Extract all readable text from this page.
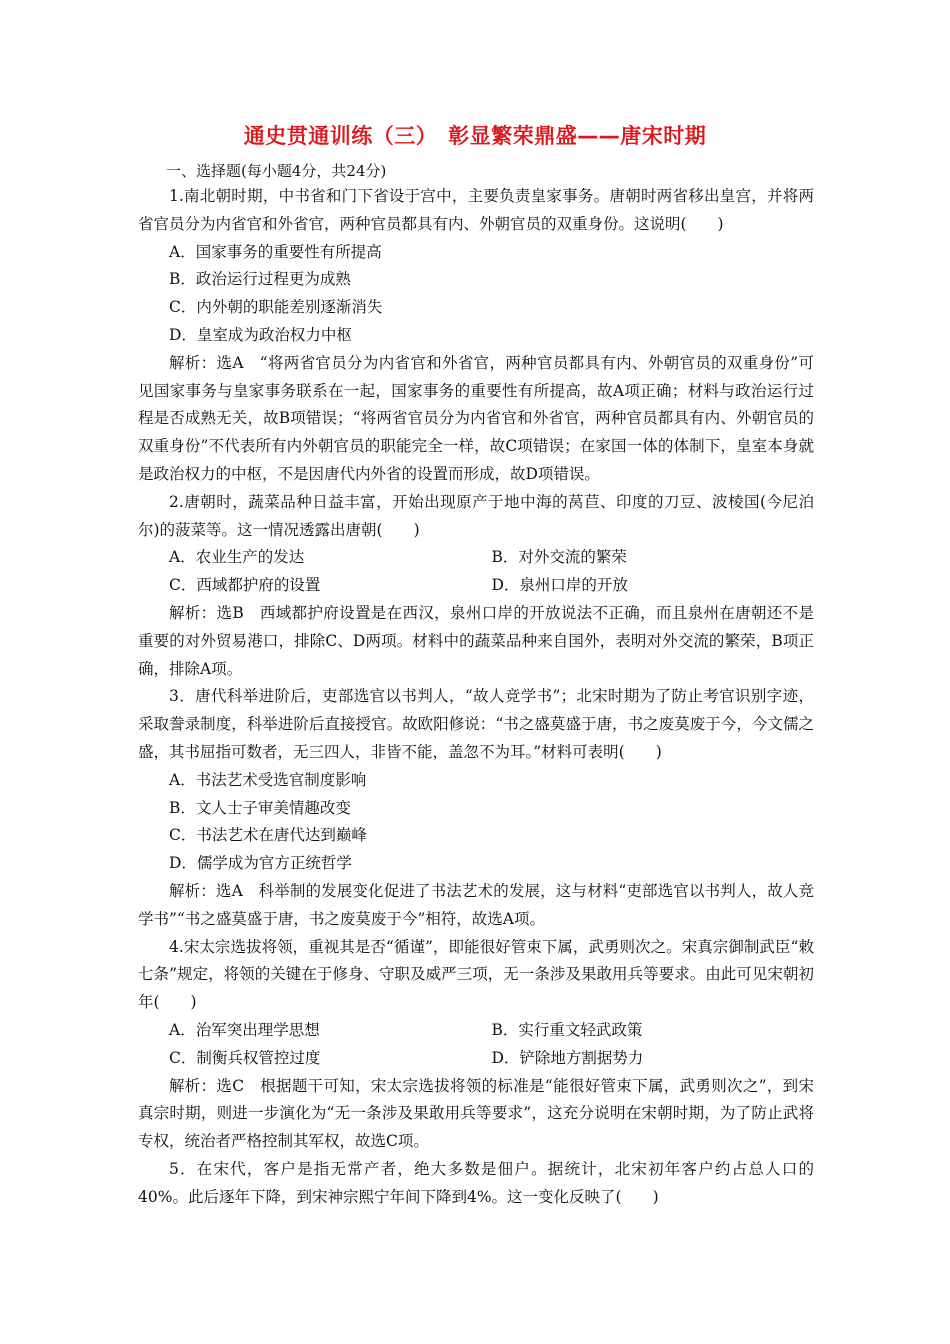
通史贯通训练（三）　彰显繁荣鼎盛——唐宋时期
一、选择题(每小题4分，共24分)

1.南北朝时期，中书省和门下省设于宫中，主要负责皇家事务。唐朝时两省移出皇宫，并将两省官员分为内省官和外省官，两种官员都具有内、外朝官员的双重身份。这说明(　　)

A．国家事务的重要性有所提高

B．政治运行过程更为成熟

C．内外朝的职能差别逐渐消失

D．皇室成为政治权力中枢

解析：选A　“将两省官员分为内省官和外省官，两种官员都具有内、外朝官员的双重身份”可见国家事务与皇家事务联系在一起，国家事务的重要性有所提高，故A项正确；材料与政治运行过程是否成熟无关，故B项错误；“将两省官员分为内省官和外省官，两种官员都具有内、外朝官员的双重身份”不代表所有内外朝官员的职能完全一样，故C项错误；在家国一体的体制下，皇室本身就是政治权力的中枢，不是因唐代内外省的设置而形成，故D项错误。

2.唐朝时，蔬菜品种日益丰富，开始出现原产于地中海的莴苣、印度的刀豆、波棱国(今尼泊尔)的菠菜等。这一情况透露出唐朝(　　)

A．农业生产的发达	B．对外交流的繁荣
C．西域都护府的设置	D．泉州口岸的开放

解析：选B　西域都护府设置是在西汉，泉州口岸的开放说法不正确，而且泉州在唐朝还不是重要的对外贸易港口，排除C、D两项。材料中的蔬菜品种来自国外，表明对外交流的繁荣，B项正确，排除A项。

3．唐代科举进阶后，吏部选官以书判人，“故人竞学书”；北宋时期为了防止考官识别字迹，采取誊录制度，科举进阶后直接授官。故欧阳修说：“书之盛莫盛于唐，书之废莫废于今，今文儒之盛，其书屈指可数者，无三四人，非皆不能，盖忽不为耳。”材料可表明(　　)

A．书法艺术受选官制度影响

B．文人士子审美情趣改变

C．书法艺术在唐代达到巅峰

D．儒学成为官方正统哲学

解析：选A　科举制的发展变化促进了书法艺术的发展，这与材料“吏部选官以书判人，故人竞学书”“书之盛莫盛于唐，书之废莫废于今”相符，故选A项。

4.宋太宗选拔将领，重视其是否“循谨”，即能很好管束下属，武勇则次之。宋真宗御制武臣“敕七条”规定，将领的关键在于修身、守职及威严三项，无一条涉及果敢用兵等要求。由此可见宋朝初年(　　)

A．治军突出理学思想	B．实行重文轻武政策
C．制衡兵权管控过度	D．铲除地方割据势力

解析：选C　根据题干可知，宋太宗选拔将领的标准是“能很好管束下属，武勇则次之”，到宋真宗时期，则进一步演化为“无一条涉及果敢用兵等要求”，这充分说明在宋朝时期，为了防止武将专权，统治者严格控制其军权，故选C项。

5．在宋代，客户是指无常产者，绝大多数是佃户。据统计，北宋初年客户约占总人口的40%。此后逐年下降，到宋神宗熙宁年间下降到4%。这一变化反映了(　　)
